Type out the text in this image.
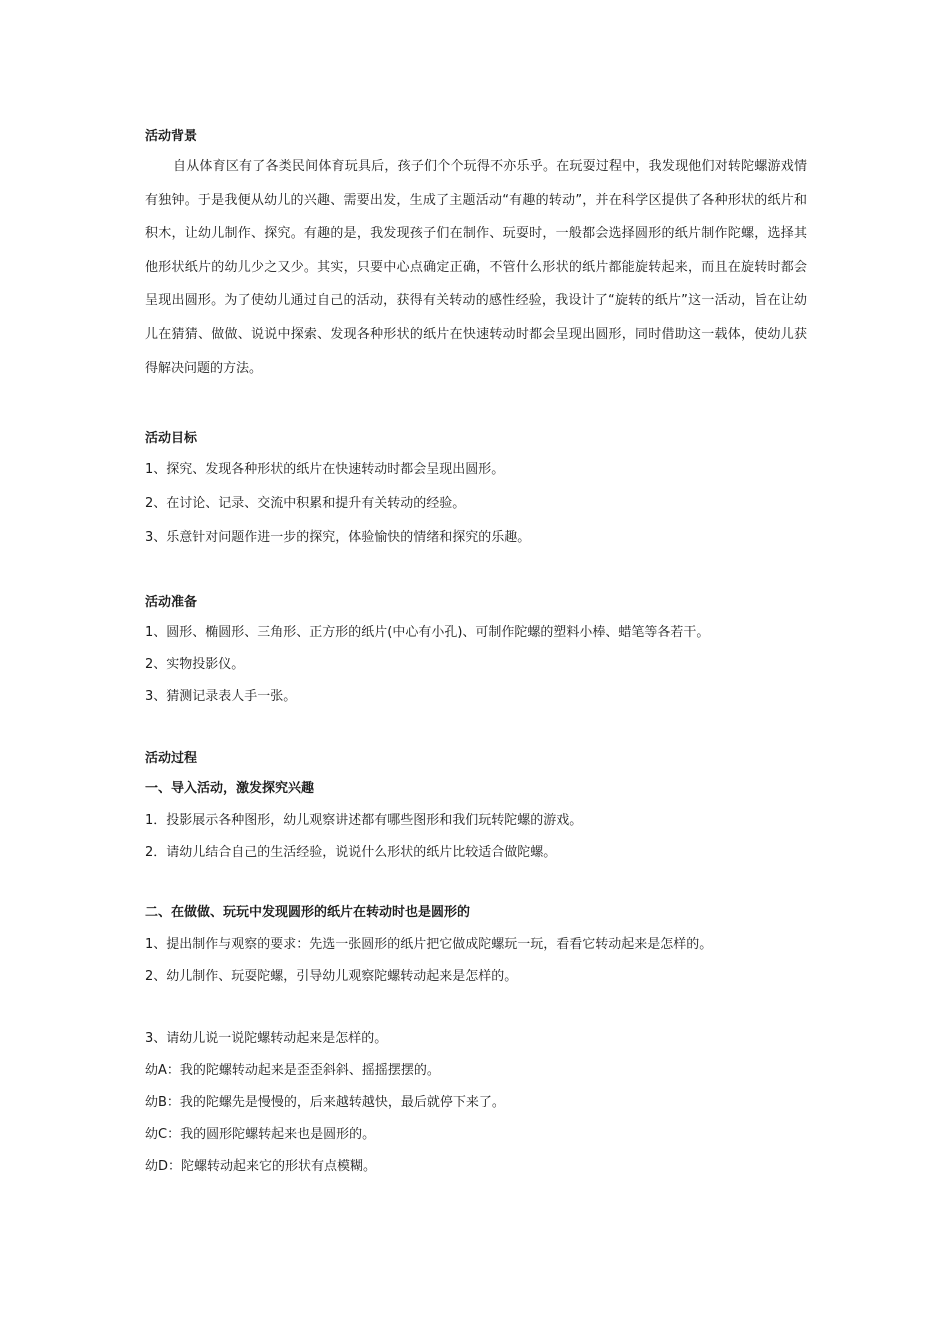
活动背景

自从体育区有了各类民间体育玩具后，孩子们个个玩得不亦乐乎。在玩耍过程中，我发现他们对转陀螺游戏情有独钟。于是我便从幼儿的兴趣、需要出发，生成了主题活动“有趣的转动”，并在科学区提供了各种形状的纸片和积木，让幼儿制作、探究。有趣的是，我发现孩子们在制作、玩耍时，一般都会选择圆形的纸片制作陀螺，选择其他形状纸片的幼儿少之又少。其实，只要中心点确定正确，不管什么形状的纸片都能旋转起来，而且在旋转时都会呈现出圆形。为了使幼儿通过自己的活动，获得有关转动的感性经验，我设计了“旋转的纸片”这一活动，旨在让幼儿在猜猜、做做、说说中探索、发现各种形状的纸片在快速转动时都会呈现出圆形，同时借助这一载体，使幼儿获得解决问题的方法。

活动目标

1、探究、发现各种形状的纸片在快速转动时都会呈现出圆形。

2、在讨论、记录、交流中积累和提升有关转动的经验。

3、乐意针对问题作进一步的探究，体验愉快的情绪和探究的乐趣。

活动准备

1、圆形、椭圆形、三角形、正方形的纸片(中心有小孔)、可制作陀螺的塑料小棒、蜡笔等各若干。

2、实物投影仪。

3、猜测记录表人手一张。

活动过程

一、导入活动，激发探究兴趣

1．投影展示各种图形，幼儿观察讲述都有哪些图形和我们玩转陀螺的游戏。

2．请幼儿结合自己的生活经验，说说什么形状的纸片比较适合做陀螺。

二、在做做、玩玩中发现圆形的纸片在转动时也是圆形的

1、提出制作与观察的要求：先选一张圆形的纸片把它做成陀螺玩一玩，看看它转动起来是怎样的。

2、幼儿制作、玩耍陀螺，引导幼儿观察陀螺转动起来是怎样的。

3、请幼儿说一说陀螺转动起来是怎样的。

幼A：我的陀螺转动起来是歪歪斜斜、摇摇摆摆的。

幼B：我的陀螺先是慢慢的，后来越转越快，最后就停下来了。

幼C：我的圆形陀螺转起来也是圆形的。

幼D：陀螺转动起来它的形状有点模糊。
